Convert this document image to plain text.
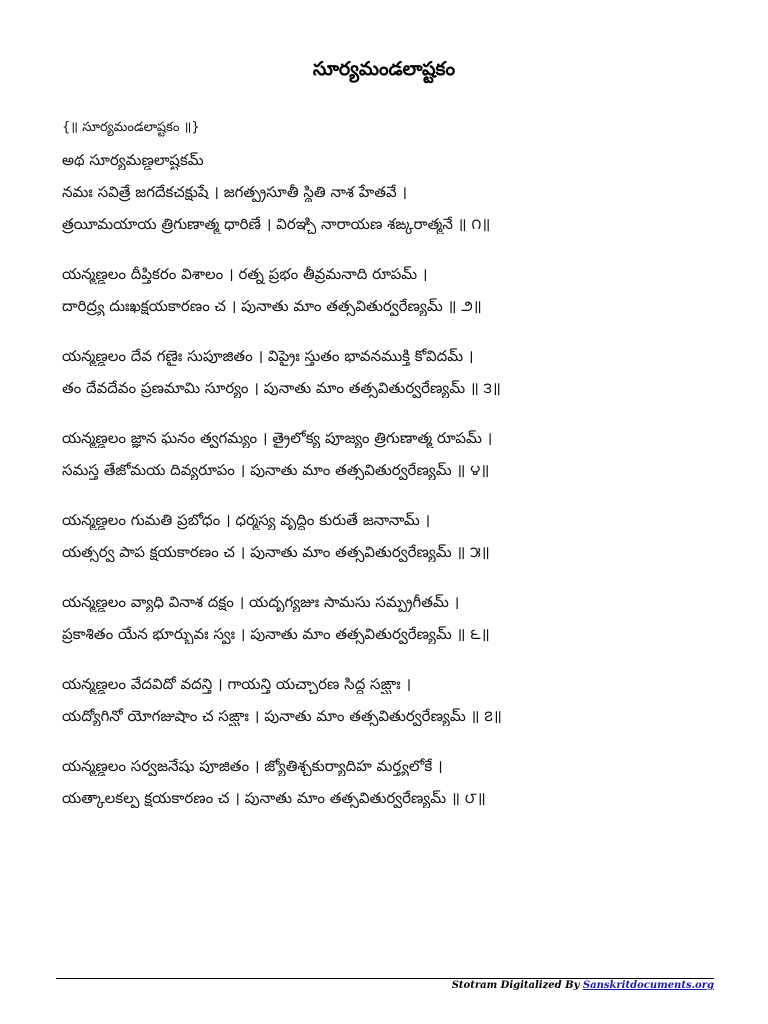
సూర్యమండలాష్టకం
{॥ సూర్యమండలాష్టకం ॥}
అథ సూర్యమణ్డలాష్టకమ్
నమః సవిత్రే జగదేకచక్షుషే । జగత్ప్రసూతీ స్థితి నాశ హేతవే ।
త్రయీమయాయ త్రిగుణాత్మ ధారిణే । విరఞ్చి నారాయణ శఙ్కరాత్మనే ॥ ౧॥
యన్మణ్డలం దీప్తికరం విశాలం । రత్న ప్రభం తీవ్రమనాది రూపమ్ ।
దారిద్ర్య దుఃఖక్షయకారణం చ । పునాతు మాం తత్సవితుర్వరేణ్యమ్ ॥ ౨॥
యన్మణ్డలం దేవ గణైః సుపూజితం । విప్రైః స్తుతం భావనముక్తి కోవిదమ్ ।
తం దేవదేవం ప్రణమామి సూర్యం । పునాతు మాం తత్సవితుర్వరేణ్యమ్ ॥ ౩॥
యన్మణ్డలం జ్ఞాన ఘనం త్వగమ్యం । త్రైలోక్య పూజ్యం త్రిగుణాత్మ రూపమ్ ।
సమస్త తేజోమయ దివ్యరూపం । పునాతు మాం తత్సవితుర్వరేణ్యమ్ ॥ ౪॥
యన్మణ్డలం గుమతి ప్రబోధం । ధర్మస్య వృద్ధిం కురుతే జనానామ్ ।
యత్సర్వ పాప క్షయకారణం చ । పునాతు మాం తత్సవితుర్వరేణ్యమ్ ॥ ౫॥
యన్మణ్డలం వ్యాధి వినాశ దక్షం । యదృగ్యజుః సామసు సమ్ప్రగీతమ్ ।
ప్రకాశితం యేన భూర్భువః స్వః । పునాతు మాం తత్సవితుర్వరేణ్యమ్ ॥ ౬॥
యన్మణ్డలం వేదవిదో వదన్తి । గాయన్తి యచ్చారణ సిద్ధ సఙ్ఘాః ।
యద్యోగినో యోగజుషాం చ సఙ్ఘాః । పునాతు మాం తత్సవితుర్వరేణ్యమ్ ॥ ౭॥
యన్మణ్డలం సర్వజనేషు పూజితం । జ్యోతిశ్చకుర్యాదిహ మర్త్యలోకే ।
యత్కాలకల్ప క్షయకారణం చ । పునాతు మాం తత్సవితుర్వరేణ్యమ్ ॥ ౮॥
Stotram Digitalized By Sanskritdocuments.org
